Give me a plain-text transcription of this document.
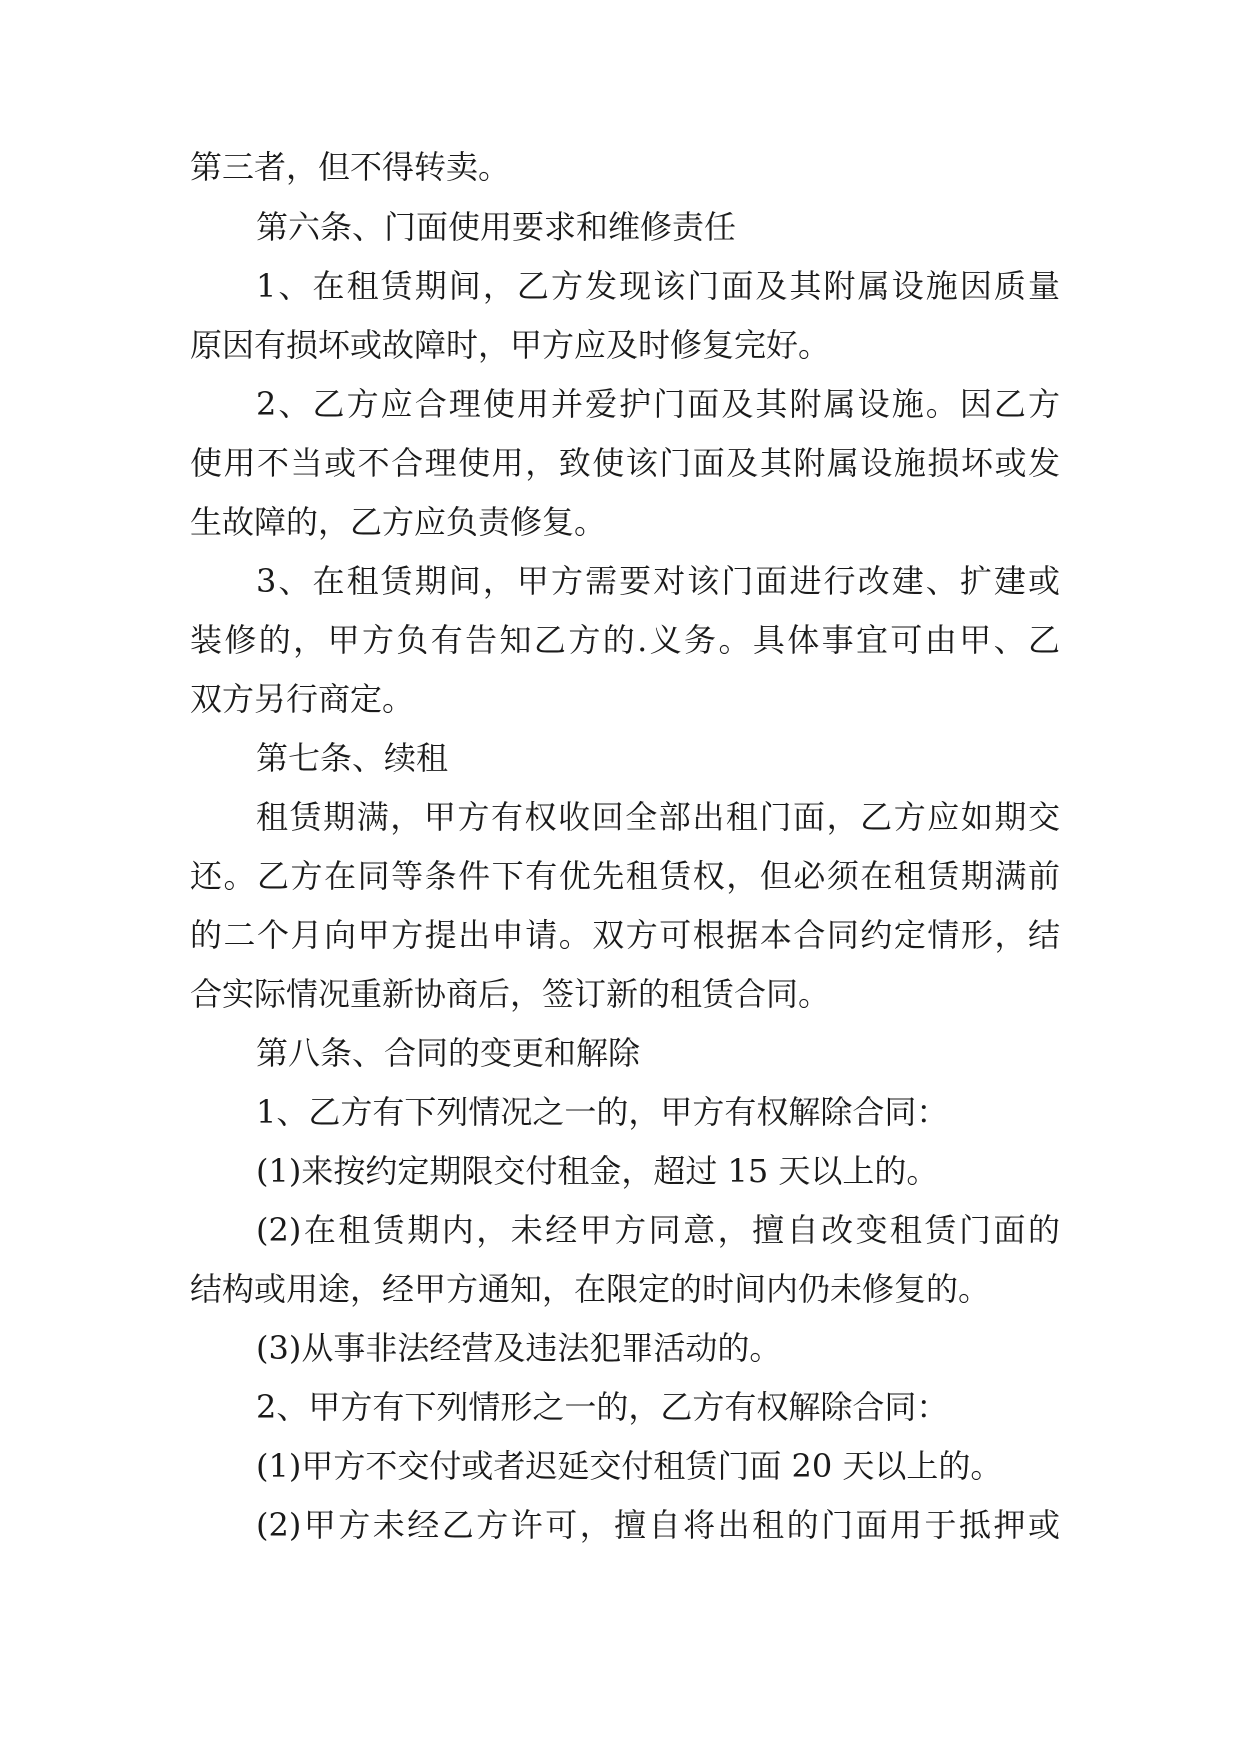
第三者，但不得转卖。
第六条、门面使用要求和维修责任
1、在租赁期间，乙方发现该门面及其附属设施因质量
原因有损坏或故障时，甲方应及时修复完好。
2、乙方应合理使用并爱护门面及其附属设施。因乙方
使用不当或不合理使用，致使该门面及其附属设施损坏或发
生故障的，乙方应负责修复。
3、在租赁期间，甲方需要对该门面进行改建、扩建或
装修的，甲方负有告知乙方的.义务。具体事宜可由甲、乙
双方另行商定。
第七条、续租
租赁期满，甲方有权收回全部出租门面，乙方应如期交
还。乙方在同等条件下有优先租赁权，但必须在租赁期满前
的二个月向甲方提出申请。双方可根据本合同约定情形，结
合实际情况重新协商后，签订新的租赁合同。
第八条、合同的变更和解除
1、乙方有下列情况之一的，甲方有权解除合同：
(1)来按约定期限交付租金，超过 15 天以上的。
(2)在租赁期内，未经甲方同意，擅自改变租赁门面的
结构或用途，经甲方通知，在限定的时间内仍未修复的。
(3)从事非法经营及违法犯罪活动的。
2、甲方有下列情形之一的，乙方有权解除合同：
(1)甲方不交付或者迟延交付租赁门面 20 天以上的。
(2)甲方未经乙方许可，擅自将出租的门面用于抵押或
